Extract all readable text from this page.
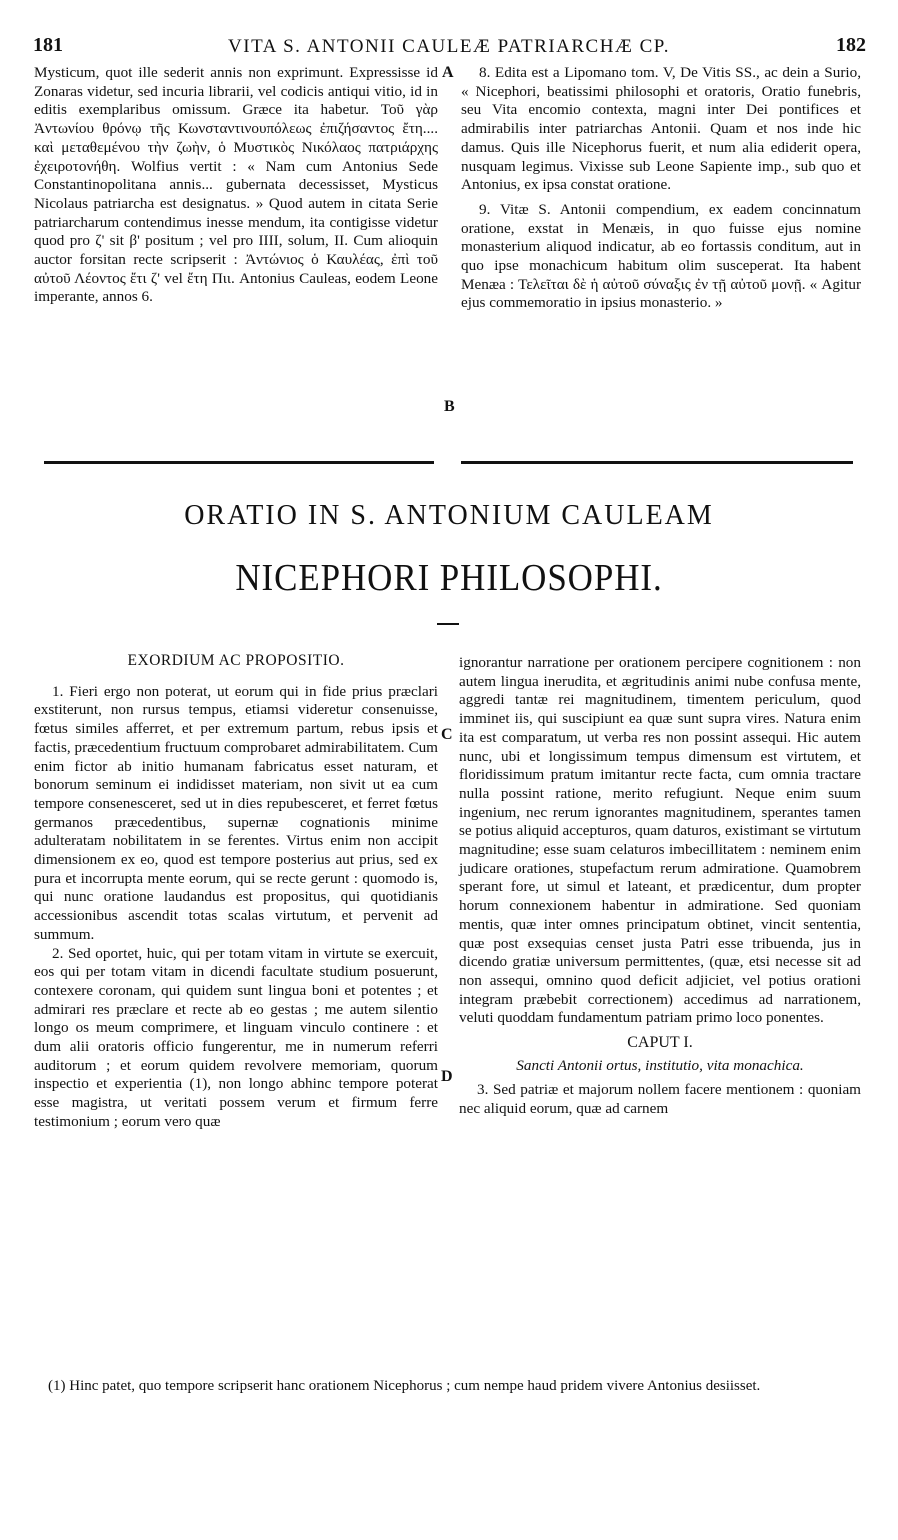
181	VITA S. ANTONII CAULEÆ PATRIARCHÆ CP.	182

Mysticum, quot ille sederit annis non exprimunt. Expressisse id Zonaras videtur, sed incuria librarii, vel codicis antiqui vitio, id in editis exemplaribus omissum. Græce ita habetur. Τοῦ γὰρ Ἀντωνίου θρόνῳ τῆς Κωνσταντινουπόλεως ἐπιζήσαντος ἔτη.... καὶ μεταθεμένου τὴν ζωὴν, ὁ Μυστικὸς Νικόλαος πατριάρχης ἐχειροτονήθη. Wolfius vertit : « Nam cum Antonius Sede Constantinopolitana annis... gubernata decessisset, Mysticus Nicolaus patriarcha est designatus. » Quod autem in citata Serie patriarcharum contendimus inesse mendum, ita contigisse videtur quod pro ζ' sit β' positum ; vel pro IIII, solum, II. Cum alioquin auctor forsitan recte scripserit : Ἀντώνιος ὁ Καυλέας, ἐπὶ τοῦ αὐτοῦ Λέοντος ἔτι ζ' vel ἔτη Πιι. Antonius Cauleas, eodem Leone imperante, annos 6.

A
B

8. Edita est a Lipomano tom. V, De Vitis SS., ac dein a Surio, « Nicephori, beatissimi philosophi et oratoris, Oratio funebris, seu Vita encomio contexta, magni inter Dei pontifices et admirabilis inter patriarchas Antonii. Quam et nos inde hic damus. Quis ille Nicephorus fuerit, et num alia ediderit opera, nusquam legimus. Vixisse sub Leone Sapiente imp., sub quo et Antonius, ex ipsa constat oratione.

9. Vitæ S. Antonii compendium, ex eadem concinnatum oratione, exstat in Menæis, in quo fuisse ejus nomine monasterium aliquod indicatur, ab eo fortassis conditum, aut in quo ipse monachicum habitum olim susceperat. Ita habent Menæa : Τελεῖται δὲ ἡ αὐτοῦ σύναξις ἐν τῇ αὐτοῦ μονῇ. « Agitur ejus commemoratio in ipsius monasterio. »

ORATIO IN S. ANTONIUM CAULEAM
NICEPHORI PHILOSOPHI.

EXORDIUM AC PROPOSITIO.

1. Fieri ergo non poterat, ut eorum qui in fide prius præclari exstiterunt, non rursus tempus, etiamsi videretur consenuisse, fœtus similes afferret, et per extremum partum, rebus ipsis et factis, præcedentium fructuum comprobaret admirabilitatem. Cum enim fictor ab initio humanam fabricatus esset naturam, et bonorum seminum ei indidisset materiam, non sivit ut ea cum tempore consenesceret, sed ut in dies repubesceret, et ferret fœtus germanos præcedentibus, supernæ cognationis minime adulteratam nobilitatem in se ferentes. Virtus enim non accipit dimensionem ex eo, quod est tempore posterius aut prius, sed ex pura et incorrupta mente eorum, qui se recte gerunt : quomodo is, qui nunc oratione laudandus est propositus, qui quotidianis accessionibus ascendit totas scalas virtutum, et pervenit ad summum.

2. Sed oportet, huic, qui per totam vitam in virtute se exercuit, eos qui per totam vitam in dicendi facultate studium posuerunt, contexere coronam, qui quidem sunt lingua boni et potentes ; et admirari res præclare et recte ab eo gestas ; me autem silentio longo os meum comprimere, et linguam vinculo continere : et dum alii oratoris officio fungerentur, me in numerum referri auditorum ; et eorum quidem revolvere memoriam, quorum inspectio et experientia (1), non longo abhinc tempore poterat esse magistra, ut veritati possem verum et firmum ferre testimonium ; eorum vero quæ

C
D

ignorantur narratione per orationem percipere cognitionem : non autem lingua inerudita, et ægritudinis animi nube confusa mente, aggredi tantæ rei magnitudinem, timentem periculum, quod imminet iis, qui suscipiunt ea quæ sunt supra vires. Natura enim ita est comparatum, ut verba res non possint assequi. Hic autem nunc, ubi et longissimum tempus dimensum est virtutem, et floridissimum pratum imitantur recte facta, cum omnia tractare nulla possint ratione, merito refugiunt. Neque enim suum ingenium, nec rerum ignorantes magnitudinem, sperantes tamen se potius aliquid accepturos, quam daturos, existimant se virtutum magnitudine; esse suam celaturos imbecillitatem : neminem enim judicare orationes, stupefactum rerum admiratione. Quamobrem sperant fore, ut simul et lateant, et prædicentur, dum propter horum connexionem habentur in admiratione. Sed quoniam mentis, quæ inter omnes principatum obtinet, vincit sententia, quæ post exsequias censet justa Patri esse tribuenda, jus in dicendo gratiæ universum permittentes, (quæ, etsi necesse sit ad non assequi, omnino quod deficit adjiciet, vel potius orationi integram præbebit correctionem) accedimus ad narrationem, veluti quoddam fundamentum patriam primo loco ponentes.

CAPUT I.

Sancti Antonii ortus, institutio, vita monachica.

3. Sed patriæ et majorum nollem facere mentionem : quoniam nec aliquid eorum, quæ ad carnem

(1) Hinc patet, quo tempore scripserit hanc orationem Nicephorus ; cum nempe haud pridem vivere Antonius desiisset.
